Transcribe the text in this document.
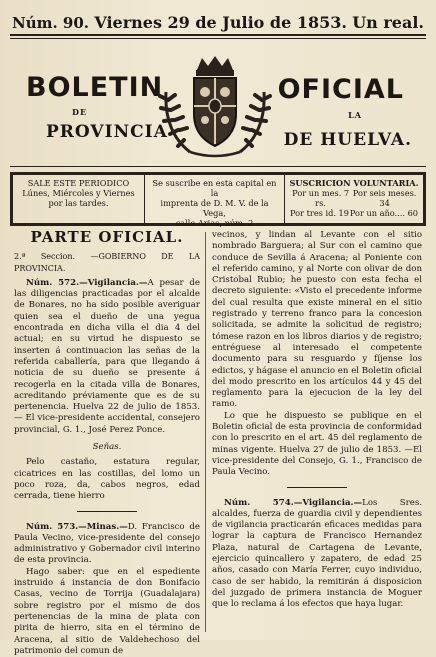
Núm. 90. Viernes 29 de Julio de 1853. Un real.
BOLETIN
DE
PROVINCIA
OFICIAL
LA
DE HUELVA.
SALE ESTE PERIODICO
Lúnes, Miércoles y Viernes
por las tardes.
Se suscribe en esta capital en la
imprenta de D. M. V. de la Vega,
calle Arias, núm. 2
SUSCRICION VOLUNTARIA.
Por un mes. 7 rs.
Por seis meses. 34
Por tres id. 19 Por un año.... 60
PARTE OFICIAL.
2.ª Seccion. —GOBIERNO DE LA PROVINCIA.

Núm. 572.—Vigilancia.—A pesar de las diligencias practicadas por el alcalde de Bonares, no ha sido posible averiguar quien sea el dueño de una yegua encontrada en dicha villa el dia 4 del actual; en su virtud he dispuesto se inserten á continuacion las señas de la referida caballería, para que llegando á noticia de su dueño se presente á recogerla en la citada villa de Bonares, acreditando préviamente que es de su pertenencia. Huelva 22 de julio de 1853.— El vice-presidente accidental, consejero provincial, G. 1., José Perez Ponce.

Señas.

Pelo castaño, estatura regular, cicatrices en las costillas, del lomo un poco roza, da, cabos negros, edad cerrada, tiene hierro

Núm. 573.—Minas.—D. Francisco de Paula Vecino, vice-presidente del consejo administrativo y Gobernador civil interino de esta provincia.

Hago saber: que en el espediente instruido á instancia de don Bonifacio Casas, vecino de Torrija (Guadalajara) sobre registro por el mismo de dos pertenencias de la mina de plata con pirita de hierro, sita en el término de Aracena, al sitio de Valdehechoso del patrimonio del comun de

vecinos, y lindan al Levante con el sitio nombrado Barguera; al Sur con el camino que conduce de Sevilla á Aracena; al Poniente con el referido camino, y al Norte con olivar de don Cristobal Rubio; he puesto con esta fecha el decreto siguiente: «Visto el precedente informe del cual resulta que existe mineral en el sitio registrado y terreno franco para la concesion solicitada, se admite la solicitud de registro; tómese razon en los libros diarios y de registro; entréguese al interesado el competente documento para su resguardo y fíjense los edictos, y hágase el anuncio en el Boletin oficial del modo prescrito en los artículos 44 y 45 del reglamento para la ejecucion de la ley del ramo.

Lo que he dispuesto se publique en el Boletin oficial de esta provincia de conformidad con lo prescrito en el art. 45 del reglamento de minas vigente. Huelva 27 de julio de 1853. —El vice-presidente del Consejo, G. 1., Francisco de Paula Vecino.

Núm. 574.—Vigilancia.—Los Sres. alcaldes, fuerza de guardia civil y dependientes de vigilancia practicarán eficaces medidas para lograr la captura de Francisco Hernandez Plaza, natural de Cartagena de Levante, ejercicio quincallero y zapatero, de edad 25 años, casado con María Ferrer, cuyo individuo, caso de ser habido, la remitirán á disposicion del juzgado de primera instancia de Moguer que lo reclama á los efectos que haya lugar.
